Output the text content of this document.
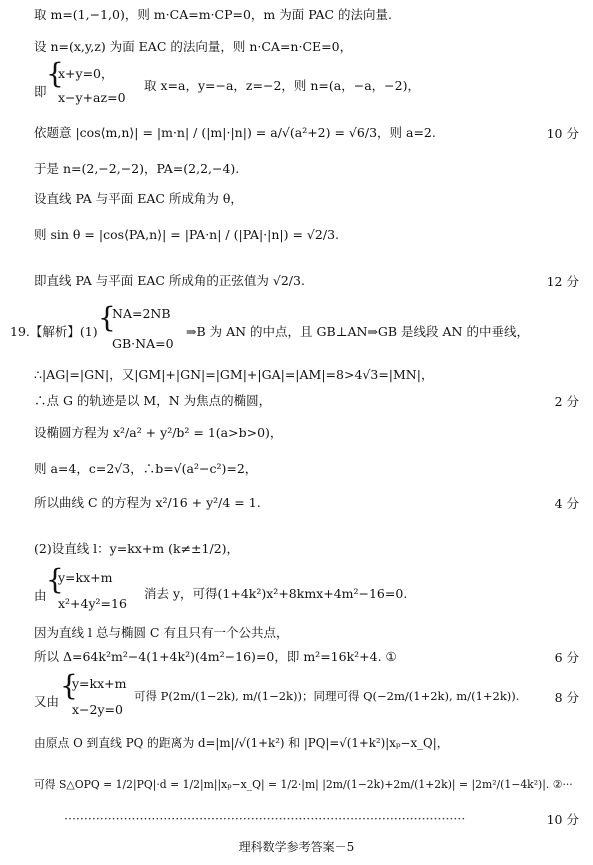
取 m=(1,−1,0)，则 m·CA=m·CP=0，m 为面 PAC 的法向量.
设 n=(x,y,z) 为面 EAC 的法向量，则 n·CA=n·CE=0，
即
{
x+y=0，
x−y+az=0
取 x=a，y=−a，z=−2，则 n=(a，−a，−2)，
依题意 |cos⟨m,n⟩| = |m·n| / (|m|·|n|) = a/√(a²+2) = √6/3，则 a=2.	10 分
于是 n=(2,−2,−2)，PA=(2,2,−4).
设直线 PA 与平面 EAC 所成角为 θ，
则 sin θ = |cos⟨PA,n⟩| = |PA·n| / (|PA|·|n|) = √2/3.
即直线 PA 与平面 EAC 所成角的正弦值为 √2/3.	12 分
19.【解析】(1) {
NA=2NB
GB·NA=0
⇒B 为 AN 的中点，且 GB⊥AN⇒GB 是线段 AN 的中垂线，
∴|AG|=|GN|，又|GM|+|GN|=|GM|+|GA|=|AM|=8>4√3=|MN|，
∴点 G 的轨迹是以 M，N 为焦点的椭圆，	2 分
设椭圆方程为 x²/a² + y²/b² = 1(a>b>0)，
则 a=4，c=2√3，∴b=√(a²−c²)=2，
所以曲线 C 的方程为 x²/16 + y²/4 = 1.	4 分
(2)设直线 l：y=kx+m (k≠±1/2)，
由 {
y=kx+m
x²+4y²=16
消去 y，可得(1+4k²)x²+8kmx+4m²−16=0.
因为直线 l 总与椭圆 C 有且只有一个公共点，
所以 Δ=64k²m²−4(1+4k²)(4m²−16)=0，即 m²=16k²+4. ①	6 分
又由 {
y=kx+m
x−2y=0
可得 P(2m/(1−2k), m/(1−2k))；同理可得 Q(−2m/(1+2k), m/(1+2k)).	8 分
由原点 O 到直线 PQ 的距离为 d=|m|/√(1+k²) 和 |PQ|=√(1+k²)|xₚ−x_Q|，
可得 S△OPQ = 1/2|PQ|·d = 1/2|m||xₚ−x_Q| = 1/2·|m| |2m/(1−2k)+2m/(1+2k)| = |2m²/(1−4k²)|. ②···
·····································································································	10 分
理科数学参考答案－5
